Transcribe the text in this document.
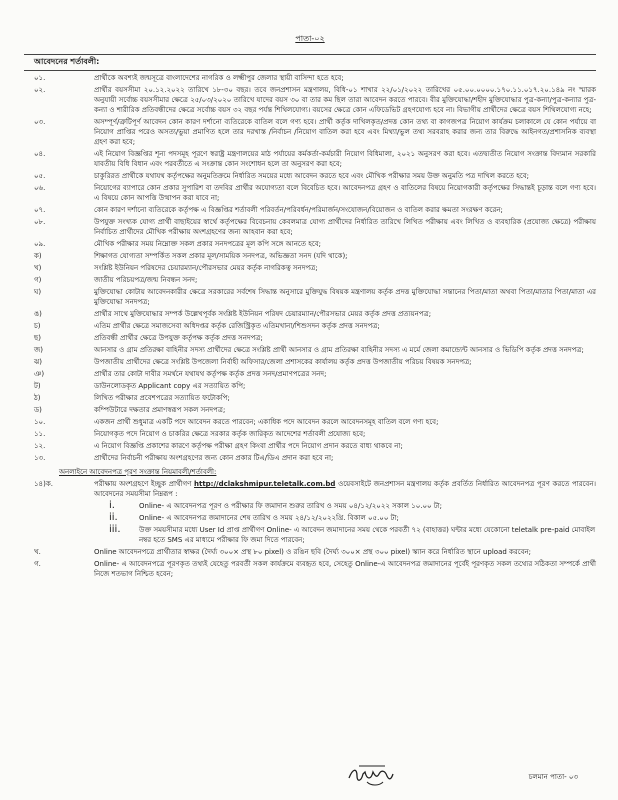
পাতা-০২
আবেদনের শর্তাবলী:
০১.	প্রার্থীকে অবশ্যই জন্মসূত্রে বাংলাদেশের নাগরিক ও লক্ষ্মীপুর জেলার স্থায়ী বাসিন্দা হতে হবে;
০২.	প্রার্থীর বয়সসীমা ২০.১২.২০২২ তারিখে ১৮-৩০ বছর। তবে জনপ্রশাসন মন্ত্রণালয়, বিধি-০১ শাখার ২২/০১/২০২২ তারিখের ০৫.০০.০০০০.১৭০.১১.০১৭.২০.১৪৯ নং স্মারক অনুযায়ী সর্বোচ্চ বয়সসীমার ক্ষেত্রে ২৫/০৩/২০২০ তারিখে যাদের বয়স ৩০ বা তার কম ছিল তারা আবেদন করতে পারবে। বীর মুক্তিযোদ্ধা/শহীদ মুক্তিযোদ্ধার পুত্র-কন্যা/পুত্র-কন্যার পুত্র-কন্যা ও শারীরিক প্রতিবন্ধীদের ক্ষেত্রে সর্বোচ্চ বয়স ৩২ বছর পর্যন্ত শিথিলযোগ্য। বয়সের ক্ষেত্রে কোন এফিডেভিট গ্রহণযোগ্য হবে না। বিভাগীয় প্রার্থীদের ক্ষেত্রে বয়স শিথিলযোগ্য নহে;
০৩.	অসম্পূর্ণ/ত্রুটিপূর্ণ আবেদন কোন কারণ দর্শানো ব্যতিরেকে বাতিল বলে গণ্য হবে। প্রার্থী কর্তৃক দাখিলকৃত/প্রদত্ত কোন তথ্য বা কাগজপত্র নিয়োগ কার্যক্রম চলাকালে যে কোন পর্যায়ে বা নিয়োগ প্রাপ্তির পরেও অসত্য/ভুয়া প্রমাণিত হলে তার দরখাস্ত /নির্বাচন /নিয়োগ বাতিল করা হবে এবং মিথ্যা/ভুল তথ্য সরবরাহ করার জন্য তার বিরুদ্ধে আইনগত/প্রশাসনিক ব্যবস্থা গ্রহণ করা হবে;
০৪.	এই নিয়োগ বিজ্ঞপ্তির শূন্য পদসমূহ পূরণে স্বরাষ্ট্র মন্ত্রণালয়ের মাঠ পর্যায়ের কর্মকর্তা-কর্মচারী নিয়োগ বিধিমালা, ২০২১ অনুসরণ করা হবে। এতদ্ব্যতীত নিয়োগ সংক্রান্ত বিদ্যমান সরকারি যাবতীয় বিধি বিধান এবং পরবর্তীতে এ সংক্রান্ত কোন সংশোধন হলে তা অনুসরণ করা হবে;
০৫.	চাকুরিরত প্রার্থীকে যথাযথ কর্তৃপক্ষের অনুমতিক্রমে নির্ধারিত সময়ের মধ্যে আবেদন করতে হবে এবং মৌখিক পরীক্ষার সময় উক্ত অনুমতি পত্র দাখিল করতে হবে;
০৬.	নিয়োগের ব্যাপারে কোন প্রকার সুপারিশ বা তদবির প্রার্থীর অযোগ্যতা বলে বিবেচিত হবে। আবেদনপত্র গ্রহণ ও বাতিলের বিষয়ে নিয়োগকারী কর্তৃপক্ষের সিদ্ধান্তই চূড়ান্ত বলে গণ্য হবে। এ বিষয়ে কোন আপত্তি উত্থাপন করা যাবে না;
০৭.	কোন কারণ দর্শানো ব্যতিরেকে কর্তৃপক্ষ এ বিজ্ঞপ্তির শর্তাবলী পরিবর্তন/পরিবর্ধন/পরিমার্জন/সংযোজন/বিয়োজন ও বাতিল করার ক্ষমতা সংরক্ষণ করেন;
০৮.	উপযুক্ত সংখ্যক যোগ্য প্রার্থী বাছাইয়ের স্বার্থে কর্তৃপক্ষের বিবেচনায় কেবলমাত্র যোগ্য প্রার্থীদের নির্ধারিত তারিখে লিখিত পরীক্ষায় এবং লিখিত ও ব্যবহারিক (প্রযোজ্য ক্ষেত্রে) পরীক্ষায় নির্বাচিত প্রার্থীদের মৌখিক পরীক্ষায় অংশগ্রহণের জন্য আহবান করা হবে;
০৯.	মৌখিক পরীক্ষার সময় নিম্নোক্ত সকল প্রকার সনদপত্রের মূল কপি সঙ্গে আনতে হবে;
ক)	শিক্ষাগত যোগ্যতা সম্পর্কিত সকল প্রকার মূল/সাময়িক সনদপত্র, অভিজ্ঞতা সনদ (যদি থাকে);
খ)	সংশ্লিষ্ট ইউনিয়ন পরিষদের চেয়ারম্যান/পৌরসভার মেয়র কর্তৃক নাগরিকত্ব সনদপত্র;
গ)	জাতীয় পরিচয়পত্র/জন্ম নিবন্ধন সনদ;
ঘ)	মুক্তিযোদ্ধা কোটায় আবেদনকারীর ক্ষেত্রে সরকারের সর্বশেষ সিদ্ধান্ত অনুসারে মুক্তিযুদ্ধ বিষয়ক মন্ত্রণালয় কর্তৃক প্রদত্ত মুক্তিযোদ্ধা সন্তানের পিতা/মাতা অথবা পিতা/মাতার পিতা/মাতা এর মুক্তিযোদ্ধা সনদপত্র;
ঙ)	প্রার্থীর সাথে মুক্তিযোদ্ধার সম্পর্ক উল্লেখপূর্বক সংশ্লিষ্ট ইউনিয়ন পরিষদ চেয়ারম্যান/পৌরসভার মেয়র কর্তৃক প্রদত্ত প্রত্যয়নপত্র;
চ)	এতিম প্রার্থীর ক্ষেত্রে সমাজসেবা অধিদপ্তর কর্তৃক রেজিস্ট্রিকৃত এতিমখানা/শিশুসদন কর্তৃক প্রদত্ত সনদপত্র;
ছ)	প্রতিবন্ধী প্রার্থীর ক্ষেত্রে উপযুক্ত কর্তৃপক্ষ কর্তৃক প্রদত্ত সনদপত্র;
জ)	আনসার ও গ্রাম প্রতিরক্ষা বাহিনীর সদস্য প্রার্থীদের ক্ষেত্রে সংশ্লিষ্ট প্রার্থী আনসার ও গ্রাম প্রতিরক্ষা বাহিনীর সদস্য এ মর্মে জেলা কমান্ড্যেন্ট আনসার ও ভিডিপি কর্তৃক প্রদত্ত সনদপত্র;
ঝ)	উপজাতীয় প্রার্থীদের ক্ষেত্রে সংশ্লিষ্ট উপজেলা নির্বাহী অফিসার/জেলা প্রশাসকের কার্যালয় কর্তৃক প্রদত্ত উপজাতীয় পরিচয় বিষয়ক সনদপত্র;
ঞ)	প্রার্থীর তার কোটা দাবীর সমর্থনে যথাযথ কর্তৃপক্ষ কর্তৃক প্রদত্ত সনদ/প্রমাণপত্রের সনদ;
ট)	ডাউনলোডকৃত Applicant copy এর সত্যায়িত কপি;
ঠ)	লিখিত পরীক্ষার প্রবেশপত্রের সত্যায়িত ফটোকপি;
ড)	কম্পিউটারে দক্ষতার প্রমাণস্বরূপ সকল সনদপত্র;
১০.	একজন প্রার্থী শুধুমাত্র একটি পদে আবেদন করতে পারবেন; একাধিক পদে আবেদন করলে আবেদনসমূহ বাতিল বলে গণ্য হবে;
১১.	নিয়োগকৃত পদে নিয়োগ ও চাকরির ক্ষেত্রে সরকার কর্তৃক জারিকৃত আদেশের শর্তাবলী প্রযোজ্য হবে;
১২.	এ নিয়োগ বিজ্ঞপ্তি প্রকাশের কারণে কর্তৃপক্ষ পরীক্ষা গ্রহণ কিংবা প্রার্থীর পদে নিয়োগ প্রদান করতে বাধ্য থাকবে না;
১৩.	প্রার্থীদের নির্বাচনী পরীক্ষায় অংশগ্রহণের জন্য কোন প্রকার টিএ/ডিএ প্রদান করা হবে না;
অনলাইনে আবেদনপত্র পূরণ সংক্রান্ত নিয়মাবলী/শর্তাবলী:
১৪)ক.	পরীক্ষায় অংশগ্রহণে ইচ্ছুক প্রার্থীগণ http://dclakshmipur.teletalk.com.bd ওয়েবসাইটে জনপ্রশাসন মন্ত্রণালয় কর্তৃক প্রবর্তিত নির্ধারিত আবেদনপত্র পূরণ করতে পারবেন। আবেদনের সময়সীমা নিম্নরূপ :
i.	Online- এ আবেদনপত্র পূরণ ও পরীক্ষার ফি জমাদান শুরুর তারিখ ও সময় ০৪/১২/২০২২ সকাল ১০.০০ টা;
ii.	Online- এ আবেদনপত্র জমাদানের শেষ তারিখ ও সময় ২৪/১২/২০২২খ্রি. বিকাল ০৫.০০ টা;
iii.	উক্ত সময়সীমার মধ্যে User Id প্রাপ্ত প্রার্থীগণ Online- এ আবেদন জমাদানের সময় থেকে পরবর্তী ৭২ (বাহাত্তর) ঘন্টার মধ্যে যেকোনো teletalk pre-paid মোবাইল নম্বর হতে SMS এর মাধ্যমে পরীক্ষার ফি জমা দিতে পারবেন;
খ.	Online আবেদনপত্রে প্রার্থীতার স্বাক্ষর (দৈর্ঘ্য ৩০০× প্রস্থ ৮০ pixel) ও রঙিন ছবি (দৈর্ঘ্য ৩০০× প্রস্থ ৩০০ pixel) স্ক্যান করে নির্ধারিত স্থানে upload করবেন;
গ.	Online- এ আবেদনপত্রে পূরণকৃত তথ্যই যেহেতু পরবর্তী সকল কার্যক্রমে ব্যবহৃত হবে, সেহেতু Online-এ আবেদনপত্র জমাদানের পূর্বেই পূরণকৃত সকল তথ্যের সঠিকতা সম্পর্কে প্রার্থী নিজে শতভাগ নিশ্চিত হবেন;
চলমান পাতা- ০৩
